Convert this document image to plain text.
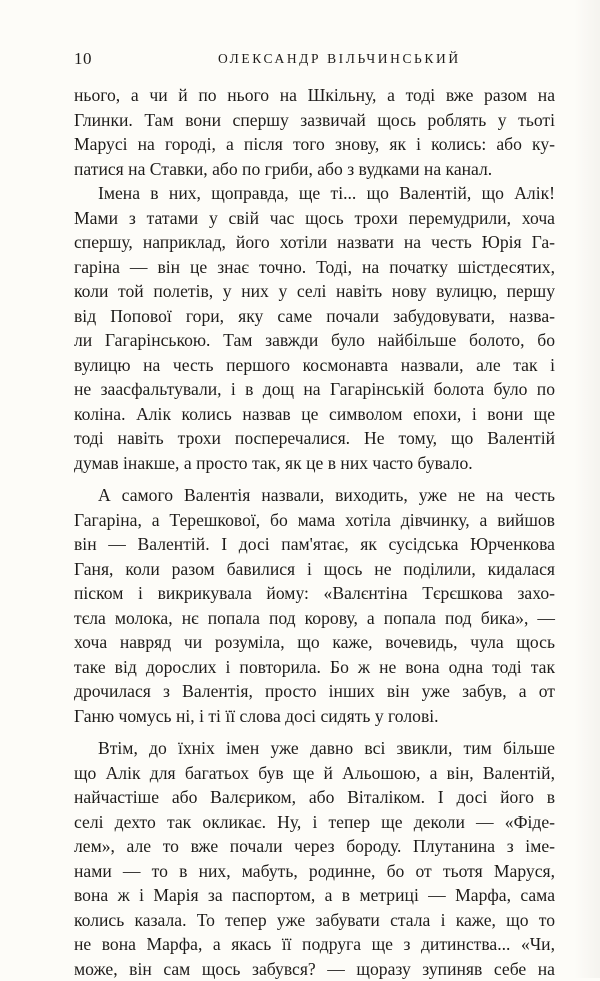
10	ОЛЕКСАНДР ВІЛЬЧИНСЬКИЙ
нього, а чи й по нього на Шкільну, а тоді вже разом на
Глинки. Там вони спершу зазвичай щось роблять у тьоті
Марусі на городі, а після того знову, як і колись: або ку-
патися на Ставки, або по гриби, або з вудками на канал.
Імена в них, щоправда, ще ті... що Валентій, що Алік!
Мами з татами у свій час щось трохи перемудрили, хоча
спершу, наприклад, його хотіли назвати на честь Юрія Га-
гаріна — він це знає точно. Тоді, на початку шістдесятих,
коли той полетів, у них у селі навіть нову вулицю, першу
від Попової гори, яку саме почали забудовувати, назва-
ли Гагарінською. Там завжди було найбільше болото, бо
вулицю на честь першого космонавта назвали, але так і
не заасфальтували, і в дощ на Гагарінській болота було по
коліна. Алік колись назвав це символом епохи, і вони ще
тоді навіть трохи посперечалися. Не тому, що Валентій
думав інакше, а просто так, як це в них часто бувало.
А самого Валентія назвали, виходить, уже не на честь
Гагаріна, а Терешкової, бо мама хотіла дівчинку, а вийшов
він — Валентій. І досі пам'ятає, як сусідська Юрченкова
Ганя, коли разом бавилися і щось не поділили, кидалася
піском і викрикувала йому: «Валєнтіна Тєрєшкова захо-
тєла молока, нє попала под корову, а попала под бика», —
хоча навряд чи розуміла, що каже, вочевидь, чула щось
таке від дорослих і повторила. Бо ж не вона одна тоді так
дрочилася з Валентія, просто інших він уже забув, а от
Ганю чомусь ні, і ті її слова досі сидять у голові.
Втім, до їхніх імен уже давно всі звикли, тим більше
що Алік для багатьох був ще й Альошою, а він, Валентій,
найчастіше або Валєриком, або Віталіком. І досі його в
селі дехто так окликає. Ну, і тепер ще деколи — «Фіде-
лем», але то вже почали через бороду. Плутанина з іме-
нами — то в них, мабуть, родинне, бо от тьотя Маруся,
вона ж і Марія за паспортом, а в метриці — Марфа, сама
колись казала. То тепер уже забувати стала і каже, що то
не вона Марфа, а якась її подруга ще з дитинства... «Чи,
може, він сам щось забувся? — щоразу зупиняв себе на
